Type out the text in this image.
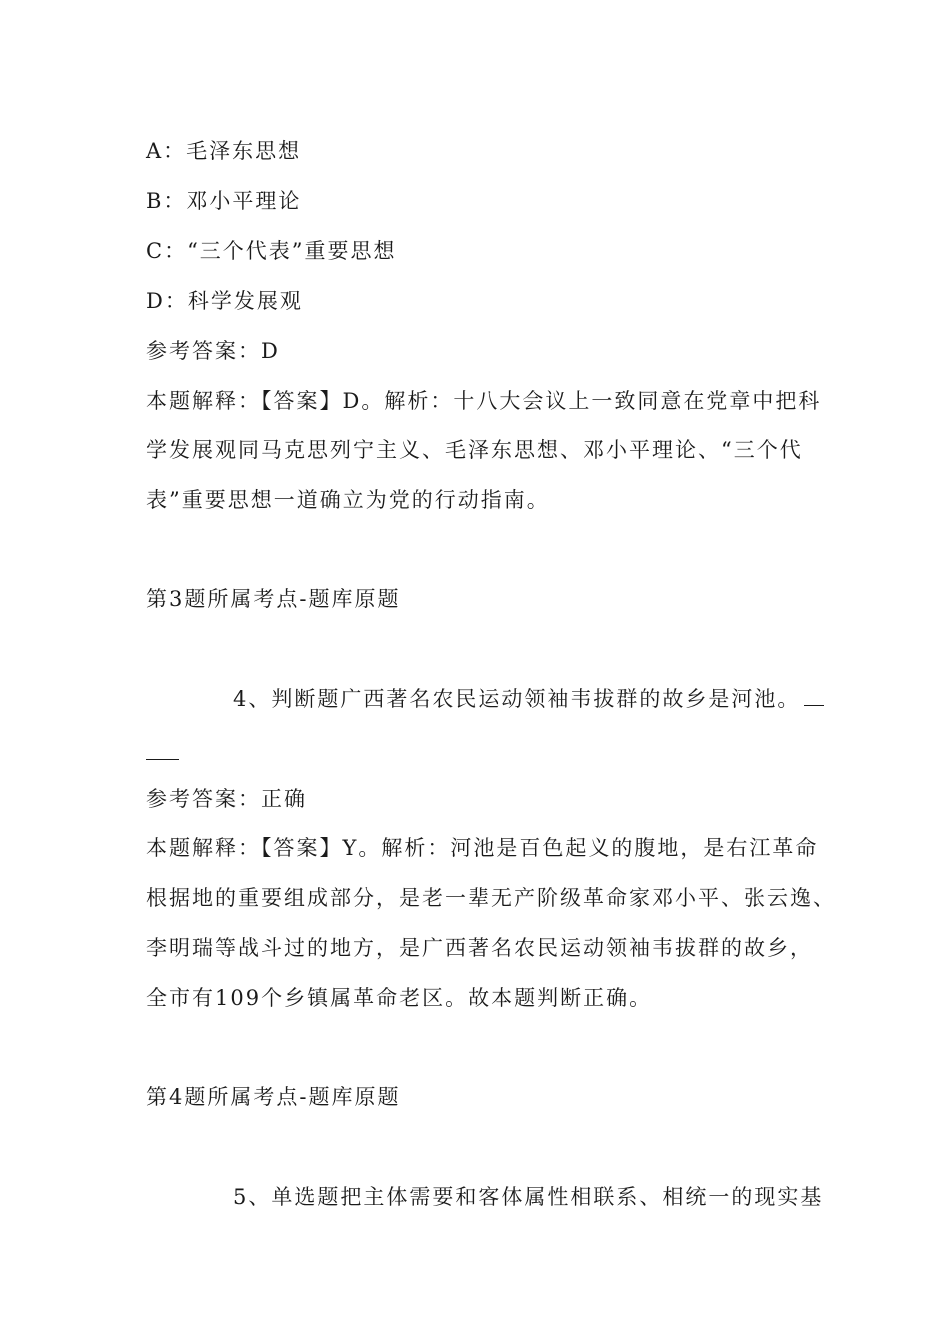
A：毛泽东思想
B：邓小平理论
C：“三个代表”重要思想
D：科学发展观
参考答案：D
本题解释：【答案】D。解析：十八大会议上一致同意在党章中把科
学发展观同马克思列宁主义、毛泽东思想、邓小平理论、“三个代
表”重要思想一道确立为党的行动指南。
第3题所属考点-题库原题
4、判断题广西著名农民运动领袖韦拔群的故乡是河池。
参考答案：正确
本题解释：【答案】Y。解析：河池是百色起义的腹地，是右江革命
根据地的重要组成部分，是老一辈无产阶级革命家邓小平、张云逸、
李明瑞等战斗过的地方，是广西著名农民运动领袖韦拔群的故乡，
全市有109个乡镇属革命老区。故本题判断正确。
第4题所属考点-题库原题
5、单选题把主体需要和客体属性相联系、相统一的现实基
